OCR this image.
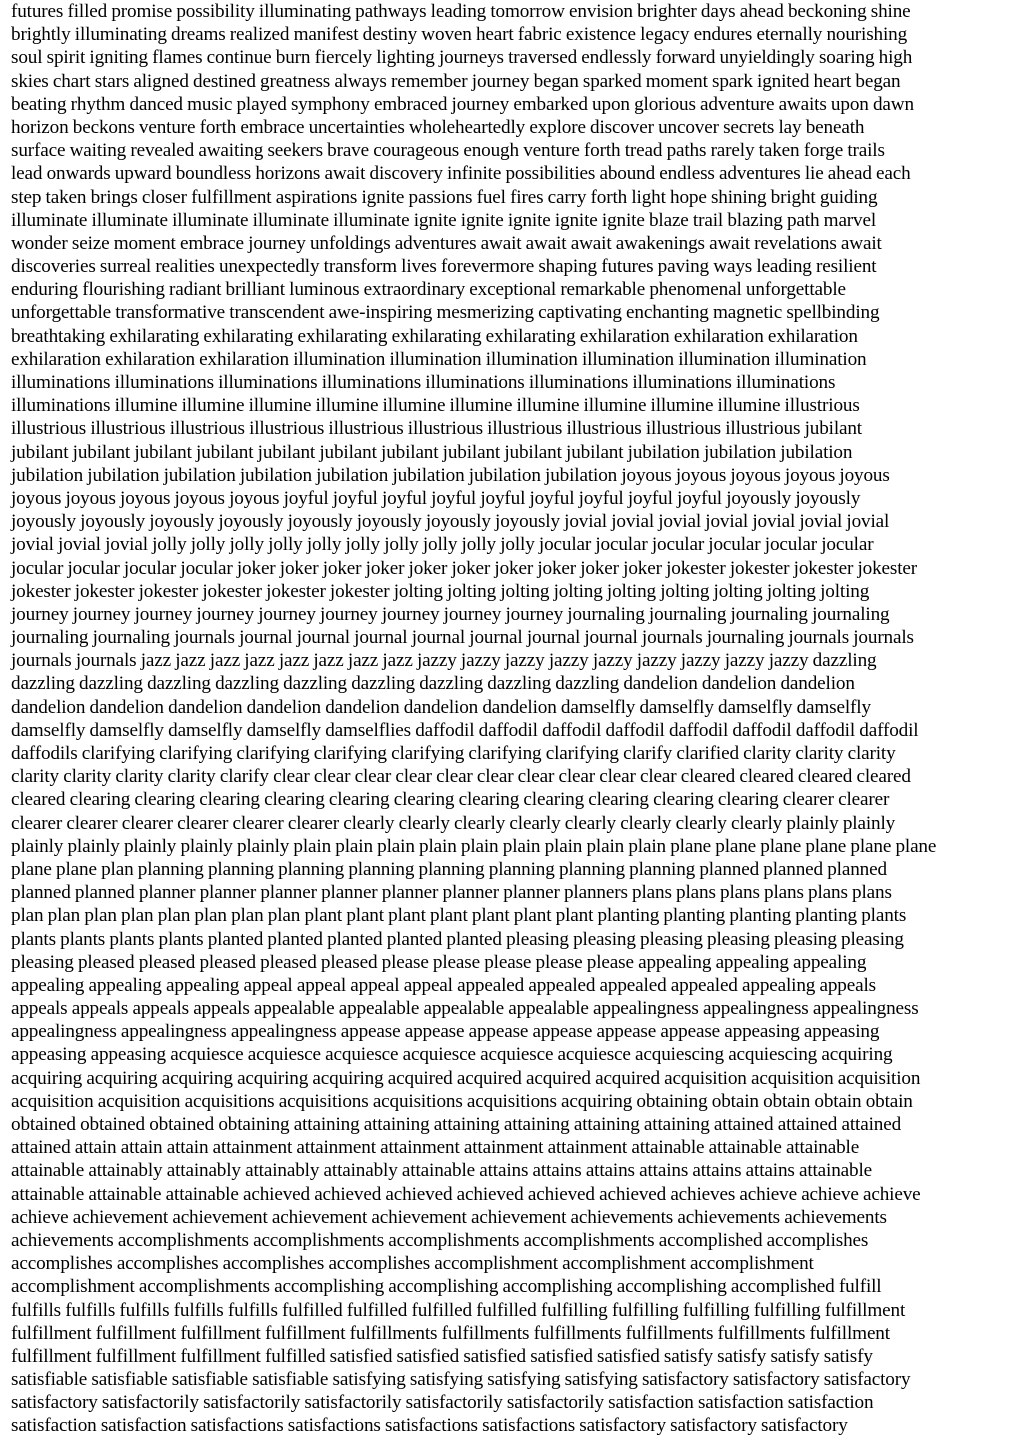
futures filled promise possibility illuminating pathways leading tomorrow envision brighter days ahead beckoning shine
brightly illuminating dreams realized manifest destiny woven heart fabric existence legacy endures eternally nourishing
soul spirit igniting flames continue burn fiercely lighting journeys traversed endlessly forward unyieldingly soaring high
skies chart stars aligned destined greatness always remember journey began sparked moment spark ignited heart began
beating rhythm danced music played symphony embraced journey embarked upon glorious adventure awaits upon dawn
horizon beckons venture forth embrace uncertainties wholeheartedly explore discover uncover secrets lay beneath
surface waiting revealed awaiting seekers brave courageous enough venture forth tread paths rarely taken forge trails
lead onwards upward boundless horizons await discovery infinite possibilities abound endless adventures lie ahead each
step taken brings closer fulfillment aspirations ignite passions fuel fires carry forth light hope shining bright guiding
illuminate illuminate illuminate illuminate illuminate ignite ignite ignite ignite ignite blaze trail blazing path marvel
wonder seize moment embrace journey unfoldings adventures await await await awakenings await revelations await
discoveries surreal realities unexpectedly transform lives forevermore shaping futures paving ways leading resilient
enduring flourishing radiant brilliant luminous extraordinary exceptional remarkable phenomenal unforgettable
unforgettable transformative transcendent awe-inspiring mesmerizing captivating enchanting magnetic spellbinding
breathtaking exhilarating exhilarating exhilarating exhilarating exhilarating exhilaration exhilaration exhilaration
exhilaration exhilaration exhilaration illumination illumination illumination illumination illumination illumination
illuminations illuminations illuminations illuminations illuminations illuminations illuminations illuminations
illuminations illumine illumine illumine illumine illumine illumine illumine illumine illumine illumine illustrious
illustrious illustrious illustrious illustrious illustrious illustrious illustrious illustrious illustrious illustrious jubilant
jubilant jubilant jubilant jubilant jubilant jubilant jubilant jubilant jubilant jubilant jubilation jubilation jubilation
jubilation jubilation jubilation jubilation jubilation jubilation jubilation jubilation joyous joyous joyous joyous joyous
joyous joyous joyous joyous joyous joyful joyful joyful joyful joyful joyful joyful joyful joyful joyously joyously
joyously joyously joyously joyously joyously joyously joyously joyously jovial jovial jovial jovial jovial jovial jovial
jovial jovial jovial jolly jolly jolly jolly jolly jolly jolly jolly jolly jolly jocular jocular jocular jocular jocular jocular
jocular jocular jocular jocular joker joker joker joker joker joker joker joker joker joker jokester jokester jokester jokester
jokester jokester jokester jokester jokester jokester jolting jolting jolting jolting jolting jolting jolting jolting jolting
journey journey journey journey journey journey journey journey journey journaling journaling journaling journaling
journaling journaling journals journal journal journal journal journal journal journal journals journaling journals journals
journals journals jazz jazz jazz jazz jazz jazz jazz jazz jazzy jazzy jazzy jazzy jazzy jazzy jazzy jazzy jazzy dazzling
dazzling dazzling dazzling dazzling dazzling dazzling dazzling dazzling dazzling dandelion dandelion dandelion
dandelion dandelion dandelion dandelion dandelion dandelion dandelion damselfly damselfly damselfly damselfly
damselfly damselfly damselfly damselfly damselflies daffodil daffodil daffodil daffodil daffodil daffodil daffodil daffodil
daffodils clarifying clarifying clarifying clarifying clarifying clarifying clarifying clarify clarified clarity clarity clarity
clarity clarity clarity clarity clarify clear clear clear clear clear clear clear clear clear clear cleared cleared cleared cleared
cleared clearing clearing clearing clearing clearing clearing clearing clearing clearing clearing clearing clearer clearer
clearer clearer clearer clearer clearer clearer clearly clearly clearly clearly clearly clearly clearly clearly plainly plainly
plainly plainly plainly plainly plainly plain plain plain plain plain plain plain plain plain plane plane plane plane plane plane
plane plane plan planning planning planning planning planning planning planning planning planned planned planned
planned planned planner planner planner planner planner planner planner planners plans plans plans plans plans plans
plan plan plan plan plan plan plan plan plant plant plant plant plant plant plant planting planting planting planting plants
plants plants plants plants planted planted planted planted planted pleasing pleasing pleasing pleasing pleasing pleasing
pleasing pleased pleased pleased pleased pleased please please please please please appealing appealing appealing
appealing appealing appealing appeal appeal appeal appeal appealed appealed appealed appealed appealing appeals
appeals appeals appeals appeals appealable appealable appealable appealable appealingness appealingness appealingness
appealingness appealingness appealingness appease appease appease appease appease appease appeasing appeasing
appeasing appeasing acquiesce acquiesce acquiesce acquiesce acquiesce acquiesce acquiescing acquiescing acquiring
acquiring acquiring acquiring acquiring acquiring acquired acquired acquired acquired acquisition acquisition acquisition
acquisition acquisition acquisitions acquisitions acquisitions acquisitions acquiring obtaining obtain obtain obtain obtain
obtained obtained obtained obtaining attaining attaining attaining attaining attaining attaining attained attained attained
attained attain attain attain attainment attainment attainment attainment attainment attainable attainable attainable
attainable attainably attainably attainably attainably attainable attains attains attains attains attains attains attainable
attainable attainable attainable achieved achieved achieved achieved achieved achieved achieves achieve achieve achieve
achieve achievement achievement achievement achievement achievement achievements achievements achievements
achievements accomplishments accomplishments accomplishments accomplishments accomplished accomplishes
accomplishes accomplishes accomplishes accomplishes accomplishment accomplishment accomplishment
accomplishment accomplishments accomplishing accomplishing accomplishing accomplishing accomplished fulfill
fulfills fulfills fulfills fulfills fulfills fulfilled fulfilled fulfilled fulfilled fulfilling fulfilling fulfilling fulfilling fulfillment
fulfillment fulfillment fulfillment fulfillment fulfillments fulfillments fulfillments fulfillments fulfillments fulfillment
fulfillment fulfillment fulfillment fulfilled satisfied satisfied satisfied satisfied satisfied satisfy satisfy satisfy satisfy
satisfiable satisfiable satisfiable satisfiable satisfying satisfying satisfying satisfying satisfactory satisfactory satisfactory
satisfactory satisfactorily satisfactorily satisfactorily satisfactorily satisfactorily satisfaction satisfaction satisfaction
satisfaction satisfaction satisfactions satisfactions satisfactions satisfactions satisfactory satisfactory satisfactory
